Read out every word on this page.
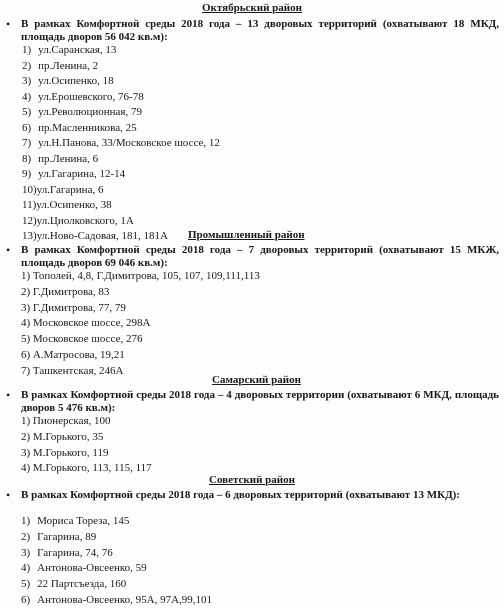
Октябрьский район
• В рамках Комфортной среды 2018 года – 13 дворовых территорий (охватывают 18 МКД, площадь дворов 56 042 кв.м):
1) ул.Саранская, 13
2) пр.Ленина, 2
3) ул.Осипенко, 18
4) ул.Ерошевского, 76-78
5) ул.Революционная, 79
6) пр.Масленникова, 25
7) ул.Н.Панова, 33/Московское шоссе, 12
8) пр.Ленина, 6
9) ул.Гагарина, 12-14
10)ул.Гагарина, 6
11)ул.Осипенко, 38
12)ул.Циолковского, 1А
13)ул.Ново-Садовая, 181, 181А	Промышленный район
• В рамках Комфортной среды 2018 года – 7 дворовых территорий (охватывают 15 МКЖ, площадь дворов 69 046 кв.м):
1) Тополей, 4,8, Г.Димитрова, 105, 107, 109,111,113
2) Г.Димитрова, 83
3) Г.Димитрова, 77, 79
4) Московское шоссе, 298А
5) Московское шоссе, 276
6) А.Матросова, 19,21
7) Ташкентская, 246А
Самарский район
• В рамках Комфортной среды 2018 года – 4 дворовых территории (охватывают 6 МКД, площадь дворов 5 476 кв.м):
1) Пионерская, 100
2) М.Горького, 35
3) М.Горького, 119
4) М.Горького, 113, 115, 117
Советский район
• В рамках Комфортной среды 2018 года – 6 дворовых территорий (охватывают 13 МКД):
1) Мориса Тореза, 145
2) Гагарина, 89
3) Гагарина, 74, 76
4) Антонова-Овсеенко, 59
5) 22 Партсъезда, 160
6) Антонова-Овсеенко, 95А, 97А,99,101
